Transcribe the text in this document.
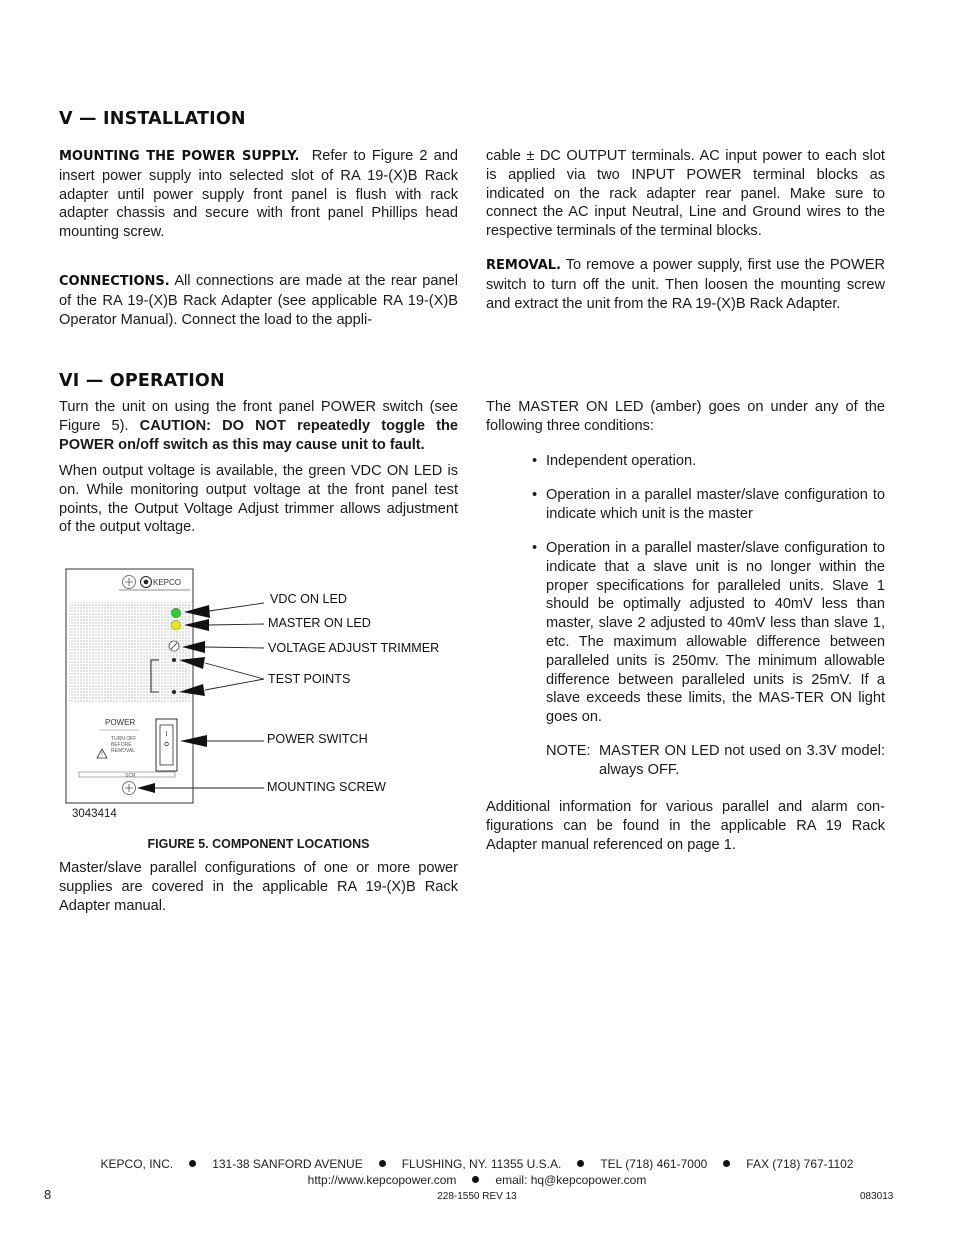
V — INSTALLATION
MOUNTING THE POWER SUPPLY. Refer to Figure 2 and insert power supply into selected slot of RA 19-(X)B Rack adapter until power supply front panel is flush with rack adapter chassis and secure with front panel Phillips head mounting screw.
CONNECTIONS. All connections are made at the rear panel of the RA 19-(X)B Rack Adapter (see applicable RA 19-(X)B Operator Manual). Connect the load to the appli-
cable ± DC OUTPUT terminals. AC input power to each slot is applied via two INPUT POWER terminal blocks as indicated on the rack adapter rear panel. Make sure to connect the AC input Neutral, Line and Ground wires to the respective terminals of the terminal blocks.
REMOVAL. To remove a power supply, first use the POWER switch to turn off the unit. Then loosen the mounting screw and extract the unit from the RA 19-(X)B Rack Adapter.
VI — OPERATION
Turn the unit on using the front panel POWER switch (see Figure 5). CAUTION: DO NOT repeatedly toggle the POWER on/off switch as this may cause unit to fault.
When output voltage is available, the green VDC ON LED is on. While monitoring output voltage at the front panel test points, the Output Voltage Adjust trimmer allows adjustment of the output voltage.
KEPCO
POWER
!
TURN OFF
BEFORE
REMOVAL
I
SCR
VDC ON LED
MASTER ON LED
VOLTAGE ADJUST TRIMMER
TEST POINTS
POWER SWITCH
MOUNTING SCREW
3043414
FIGURE 5. COMPONENT LOCATIONS
Master/slave parallel configurations of one or more power supplies are covered in the applicable RA 19-(X)B Rack Adapter manual.
The MASTER ON LED (amber) goes on under any of the following three conditions:
• Independent operation.
• Operation in a parallel master/slave configuration to indicate which unit is the master
• Operation in a parallel master/slave configuration to indicate that a slave unit is no longer within the proper specifications for paralleled units. Slave 1 should be optimally adjusted to 40mV less than master, slave 2 adjusted to 40mV less than slave 1, etc. The maximum allowable difference between paralleled units is 250mv. The minimum allowable difference between paralleled units is 25mV. If a slave exceeds these limits, the MAS-TER ON light goes on.
NOTE: MASTER ON LED not used on 3.3V model: always OFF.
Additional information for various parallel and alarm con-figurations can be found in the applicable RA 19 Rack Adapter manual referenced on page 1.
KEPCO, INC.	131-38 SANFORD AVENUE	FLUSHING, NY. 11355 U.S.A.	TEL (718) 461-7000	FAX (718) 767-1102
http://www.kepcopower.com	email: hq@kepcopower.com
8	228-1550 REV 13	083013
